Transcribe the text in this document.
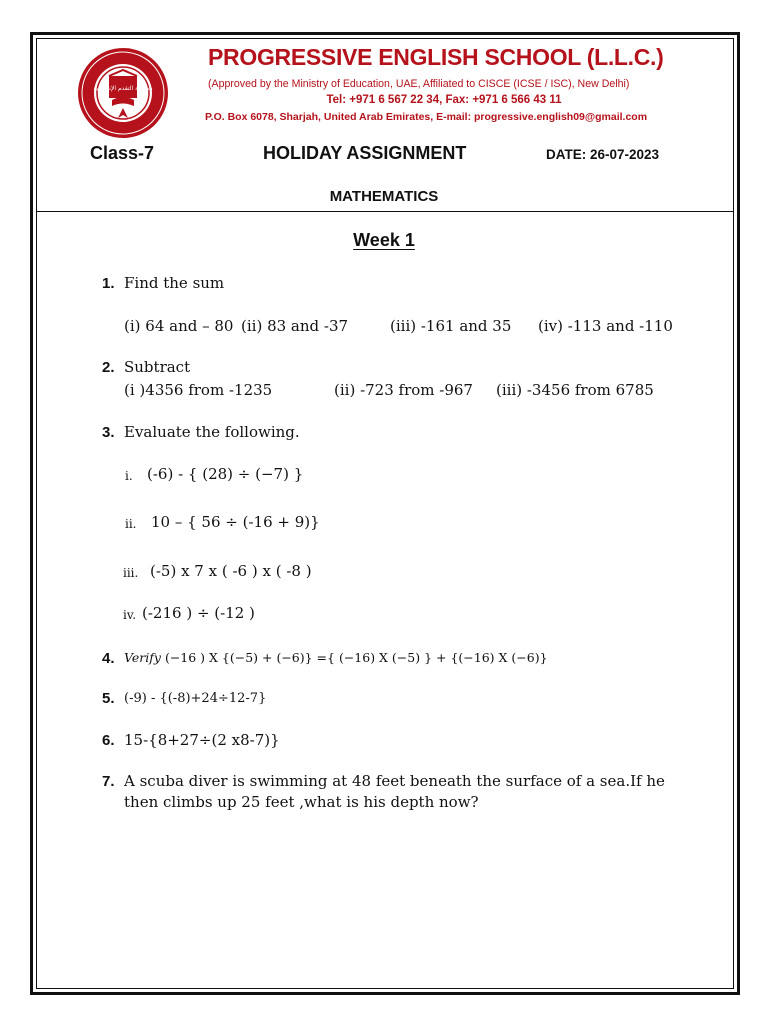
مدرسة التقدم الإنجليزية
PROGRESSIVE ENGLISH SCHOOL (L.L.C.)
(Approved by the Ministry of Education, UAE, Affiliated to CISCE (ICSE / ISC), New Delhi)
Tel: +971 6 567 22 34, Fax: +971 6 566 43 11
P.O. Box 6078, Sharjah, United Arab Emirates, E-mail: progressive.english09@gmail.com
Class-7	HOLIDAY ASSIGNMENT	DATE: 26-07-2023
MATHEMATICS
Week 1
1. Find the sum
(i) 64 and – 80 (ii) 83 and -37	(iii) -161 and 35 (iv) -113 and -110
2. Subtract
(i )4356 from -1235	(ii) -723 from -967 (iii) -3456 from 6785
3. Evaluate the following.
i. (-6) - { (28) ÷ (−7) }
ii. 10 – { 56 ÷ (-16 + 9)}
iii. (-5) x 7 x ( -6 ) x ( -8 )
iv. (-216 ) ÷ (-12 )
4. Verify (−16 ) X {(−5) + (−6)} ={ (−16) X (−5) } + {(−16) X (−6)}
5. (-9) - {(-8)+24÷12-7}
6. 15-{8+27÷(2 x8-7)}
7. A scuba diver is swimming at 48 feet beneath the surface of a sea.If he
then climbs up 25 feet ,what is his depth now?
